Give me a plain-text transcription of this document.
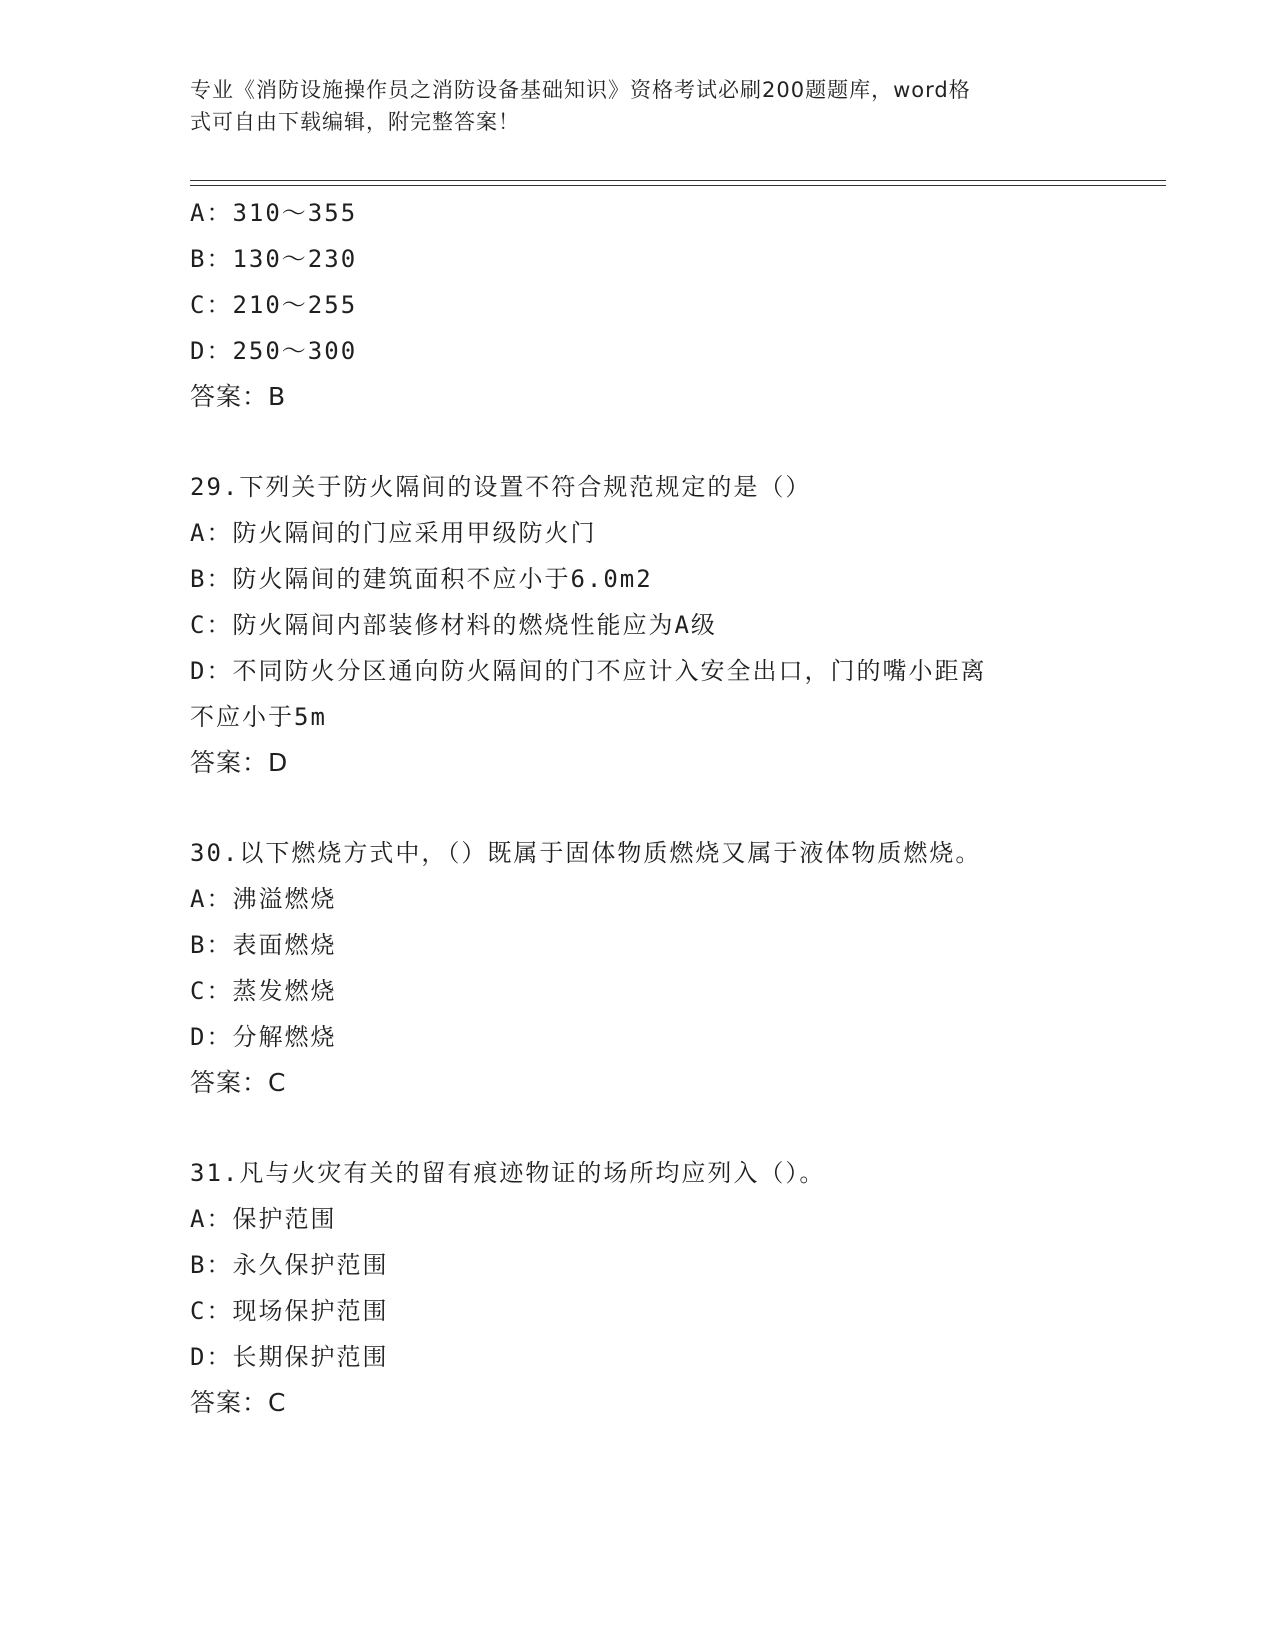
专业《消防设施操作员之消防设备基础知识》资格考试必刷200题题库，word格
式可自由下载编辑，附完整答案！
A：310～355
B：130～230
C：210～255
D：250～300
答案：B
29.下列关于防火隔间的设置不符合规范规定的是（）
A：防火隔间的门应采用甲级防火门
B：防火隔间的建筑面积不应小于6.0m2
C：防火隔间内部装修材料的燃烧性能应为A级
D：不同防火分区通向防火隔间的门不应计入安全出口，门的嘴小距离
不应小于5m
答案：D
30.以下燃烧方式中，（）既属于固体物质燃烧又属于液体物质燃烧。
A：沸溢燃烧
B：表面燃烧
C：蒸发燃烧
D：分解燃烧
答案：C
31.凡与火灾有关的留有痕迹物证的场所均应列入（）。
A：保护范围
B：永久保护范围
C：现场保护范围
D：长期保护范围
答案：C
